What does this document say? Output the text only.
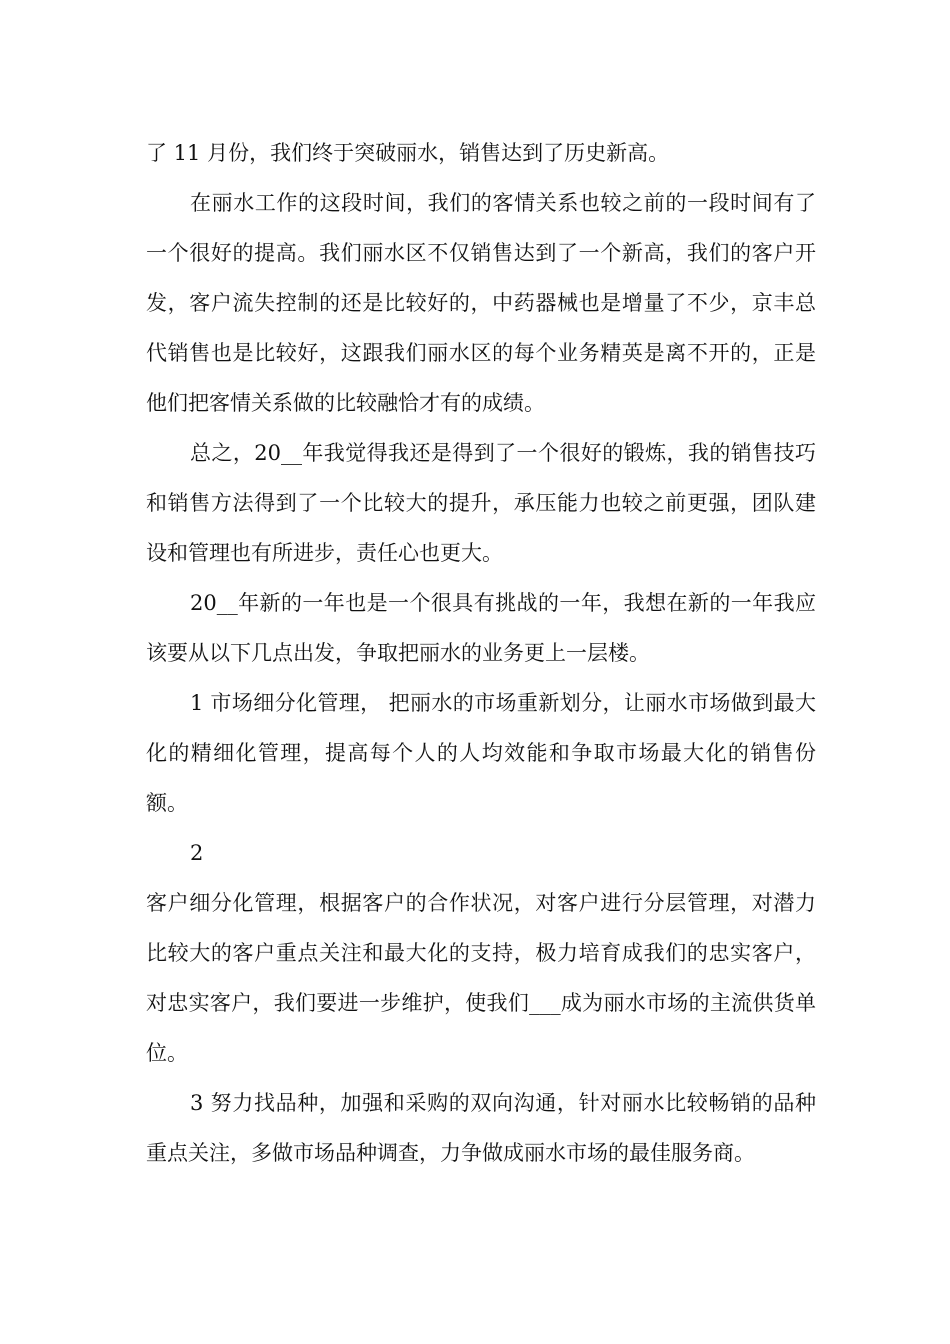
了 11 月份，我们终于突破丽水，销售达到了历史新高。

在丽水工作的这段时间，我们的客情关系也较之前的一段时间有了一个很好的提高。我们丽水区不仅销售达到了一个新高，我们的客户开发，客户流失控制的还是比较好的，中药器械也是增量了不少，京丰总代销售也是比较好，这跟我们丽水区的每个业务精英是离不开的，正是他们把客情关系做的比较融恰才有的成绩。

总之，20__年我觉得我还是得到了一个很好的锻炼，我的销售技巧和销售方法得到了一个比较大的提升，承压能力也较之前更强，团队建设和管理也有所进步，责任心也更大。

20__年新的一年也是一个很具有挑战的一年，我想在新的一年我应该要从以下几点出发，争取把丽水的业务更上一层楼。

1 市场细分化管理， 把丽水的市场重新划分，让丽水市场做到最大化的精细化管理，提高每个人的人均效能和争取市场最大化的销售份额。

2

客户细分化管理，根据客户的合作状况，对客户进行分层管理，对潜力比较大的客户重点关注和最大化的支持，极力培育成我们的忠实客户，对忠实客户，我们要进一步维护，使我们___成为丽水市场的主流供货单位。

3 努力找品种，加强和采购的双向沟通，针对丽水比较畅销的品种重点关注，多做市场品种调查，力争做成丽水市场的最佳服务商。
